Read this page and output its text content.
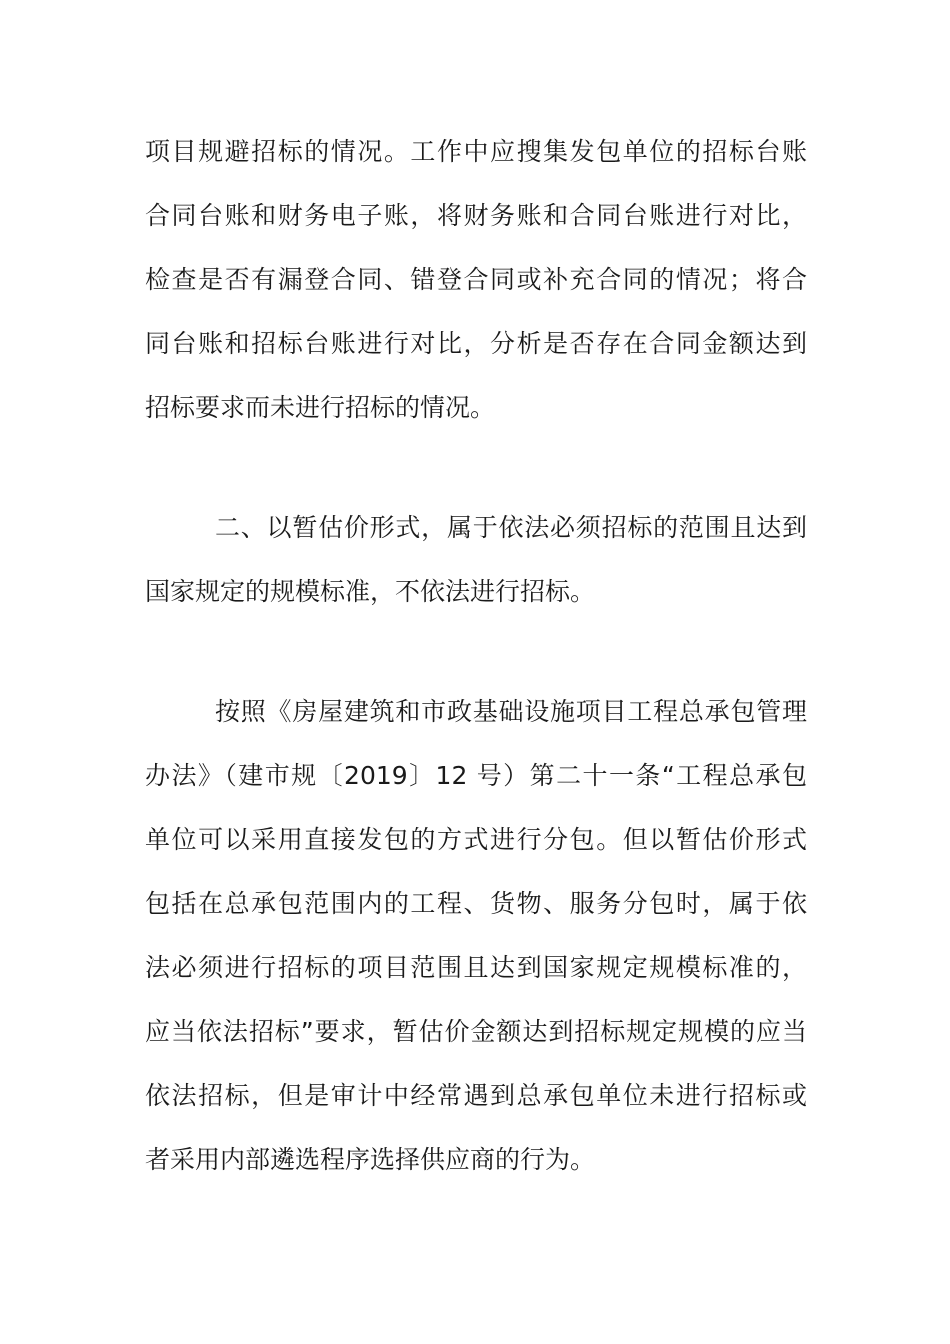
项目规避招标的情况。工作中应搜集发包单位的招标台账
合同台账和财务电子账，将财务账和合同台账进行对比，
检查是否有漏登合同、错登合同或补充合同的情况；将合
同台账和招标台账进行对比，分析是否存在合同金额达到
招标要求而未进行招标的情况。
二、以暂估价形式，属于依法必须招标的范围且达到
国家规定的规模标准，不依法进行招标。
按照《房屋建筑和市政基础设施项目工程总承包管理
办法》（建市规〔2019〕12 号）第二十一条“工程总承包
单位可以采用直接发包的方式进行分包。但以暂估价形式
包括在总承包范围内的工程、货物、服务分包时，属于依
法必须进行招标的项目范围且达到国家规定规模标准的，
应当依法招标”要求，暂估价金额达到招标规定规模的应当
依法招标，但是审计中经常遇到总承包单位未进行招标或
者采用内部遴选程序选择供应商的行为。
